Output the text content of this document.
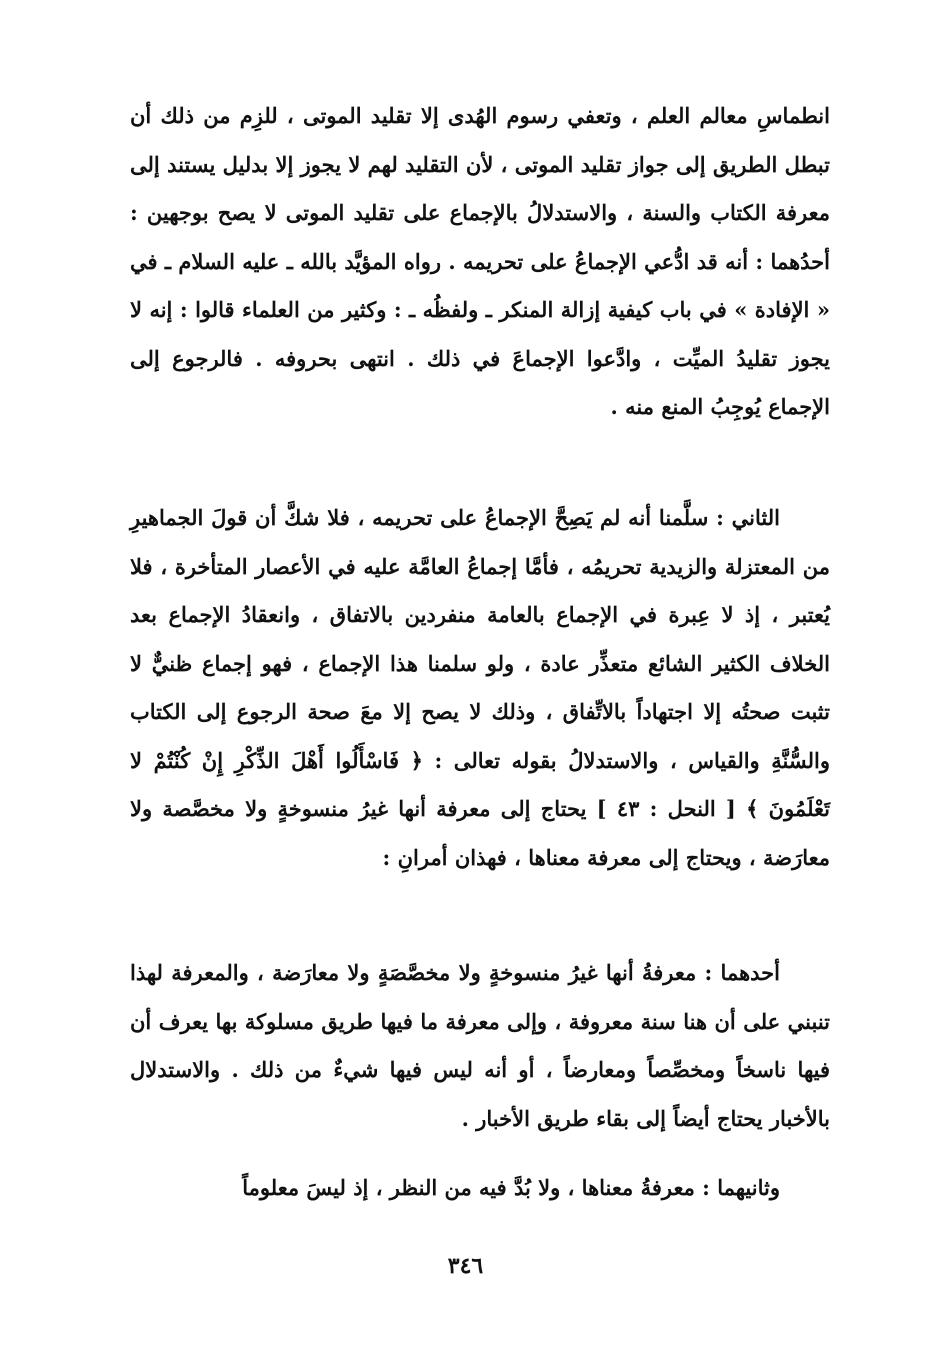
انطماسِ معالم العلم ، وتعفي رسوم الهُدى إلا تقليد الموتى ، للزِم من ذلك أن تبطل الطريق إلى جواز تقليد الموتى ، لأن التقليد لهم لا يجوز إلا بدليل يستند إلى معرفة الكتاب والسنة ، والاستدلالُ بالإجماع على تقليد الموتى لا يصح بوجهين : أحدُهما : أنه قد ادُّعي الإجماعُ على تحريمه . رواه المؤيَّد بالله ـ عليه السلام ـ في « الإفادة » في باب كيفية إزالة المنكر ـ ولفظُه ـ : وكثير من العلماء قالوا : إنه لا يجوز تقليدُ الميِّت ، وادَّعوا الإجماعَ في ذلك . انتهى بحروفه . فالرجوع إلى الإجماع يُوجِبُ المنع منه .

الثاني : سلَّمنا أنه لم يَصِحَّ الإجماعُ على تحريمه ، فلا شكَّ أن قولَ الجماهيرِ من المعتزلة والزيدية تحريمُه ، فأمَّا إجماعُ العامَّة عليه في الأعصار المتأخرة ، فلا يُعتبر ، إذ لا عِبرة في الإجماع بالعامة منفردين بالاتفاق ، وانعقادُ الإجماع بعد الخلاف الكثير الشائع متعذِّر عادة ، ولو سلمنا هذا الإجماع ، فهو إجماع ظنيٌّ لا تثبت صحتُه إلا اجتهاداً بالاتِّفاق ، وذلك لا يصح إلا معَ صحة الرجوع إلى الكتاب والسُّنَّةِ والقياس ، والاستدلالُ بقوله تعالى : ﴿ فَاسْأَلُوا أَهْلَ الذِّكْرِ إِنْ كُنْتُمْ لا تَعْلَمُونَ ﴾ [ النحل : ٤٣ ] يحتاج إلى معرفة أنها غيرُ منسوخةٍ ولا مخصَّصة ولا معارَضة ، ويحتاج إلى معرفة معناها ، فهذان أمرانِ :

أحدهما : معرفةُ أنها غيرُ منسوخةٍ ولا مخصَّصَةٍ ولا معارَضة ، والمعرفة لهذا تنبني على أن هنا سنة معروفة ، وإلى معرفة ما فيها طريق مسلوكة بها يعرف أن فيها ناسخاً ومخصِّصاً ومعارضاً ، أو أنه ليس فيها شيءٌ من ذلك . والاستدلال بالأخبار يحتاج أيضاً إلى بقاء طريق الأخبار .

وثانيهما : معرفةُ معناها ، ولا بُدَّ فيه من النظر ، إذ ليسَ معلوماً

٣٤٦
